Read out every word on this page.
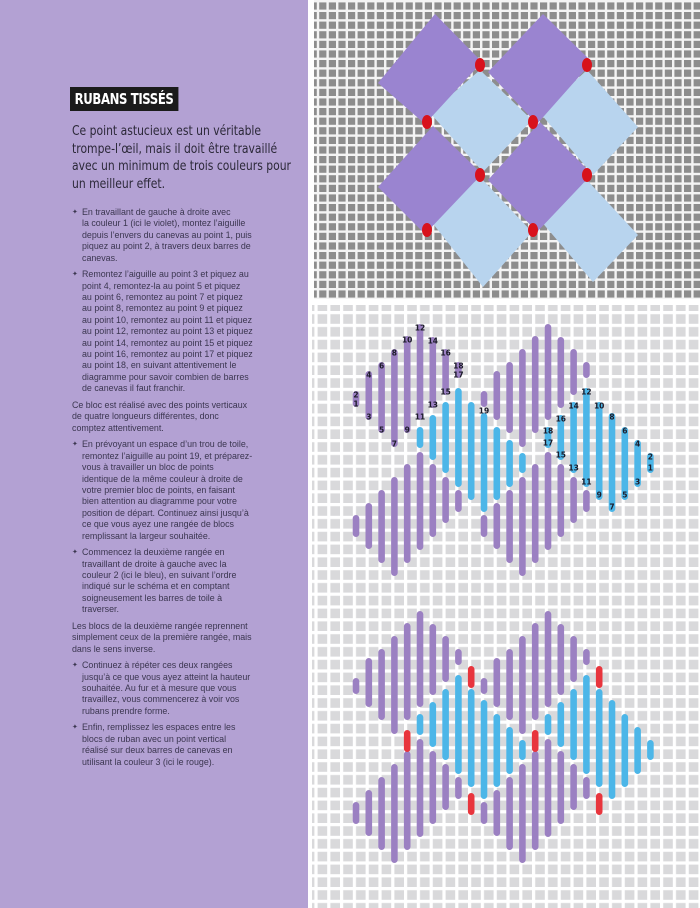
RUBANS TISSÉS
Ce point astucieux est un véritable
trompe-l’œil, mais il doit être travaillé
avec un minimum de trois couleurs pour
un meilleur effet.
✦ En travaillant de gauche à droite avec
la couleur 1 (ici le violet), montez l’aiguille
depuis l’envers du canevas au point 1, puis
piquez au point 2, à travers deux barres de
canevas.
✦ Remontez l’aiguille au point 3 et piquez au
point 4, remontez-la au point 5 et piquez
au point 6, remontez au point 7 et piquez
au point 8, remontez au point 9 et piquez
au point 10, remontez au point 11 et piquez
au point 12, remontez au point 13 et piquez
au point 14, remontez au point 15 et piquez
au point 16, remontez au point 17 et piquez
au point 18, en suivant attentivement le
diagramme pour savoir combien de barres
de canevas il faut franchir.
Ce bloc est réalisé avec des points verticaux
de quatre longueurs différentes, donc
comptez attentivement.
✦ En prévoyant un espace d’un trou de toile,
remontez l’aiguille au point 19, et préparez-
vous à travailler un bloc de points
identique de la même couleur à droite de
votre premier bloc de points, en faisant
bien attention au diagramme pour votre
position de départ. Continuez ainsi jusqu’à
ce que vous ayez une rangée de blocs
remplissant la largeur souhaitée.
✦ Commencez la deuxième rangée en
travaillant de droite à gauche avec la
couleur 2 (ici le bleu), en suivant l’ordre
indiqué sur le schéma et en comptant
soigneusement les barres de toile à
traverser.
Les blocs de la deuxième rangée reprennent
simplement ceux de la première rangée, mais
dans le sens inverse.
✦ Continuez à répéter ces deux rangées
jusqu’à ce que vous ayez atteint la hauteur
souhaitée. Au fur et à mesure que vous
travaillez, vous commencerez à voir vos
rubans prendre forme.
✦ Enfin, remplissez les espaces entre les
blocs de ruban avec un point vertical
réalisé sur deux barres de canevas en
utilisant la couleur 3 (ici le rouge).
1
2
3
4
5
6
7
8
9
10
11
12
13
14
15
16
17
18
19
1
2
3
4
5
6
7
8
9
10
11
12
13
14
15
16
17
18
